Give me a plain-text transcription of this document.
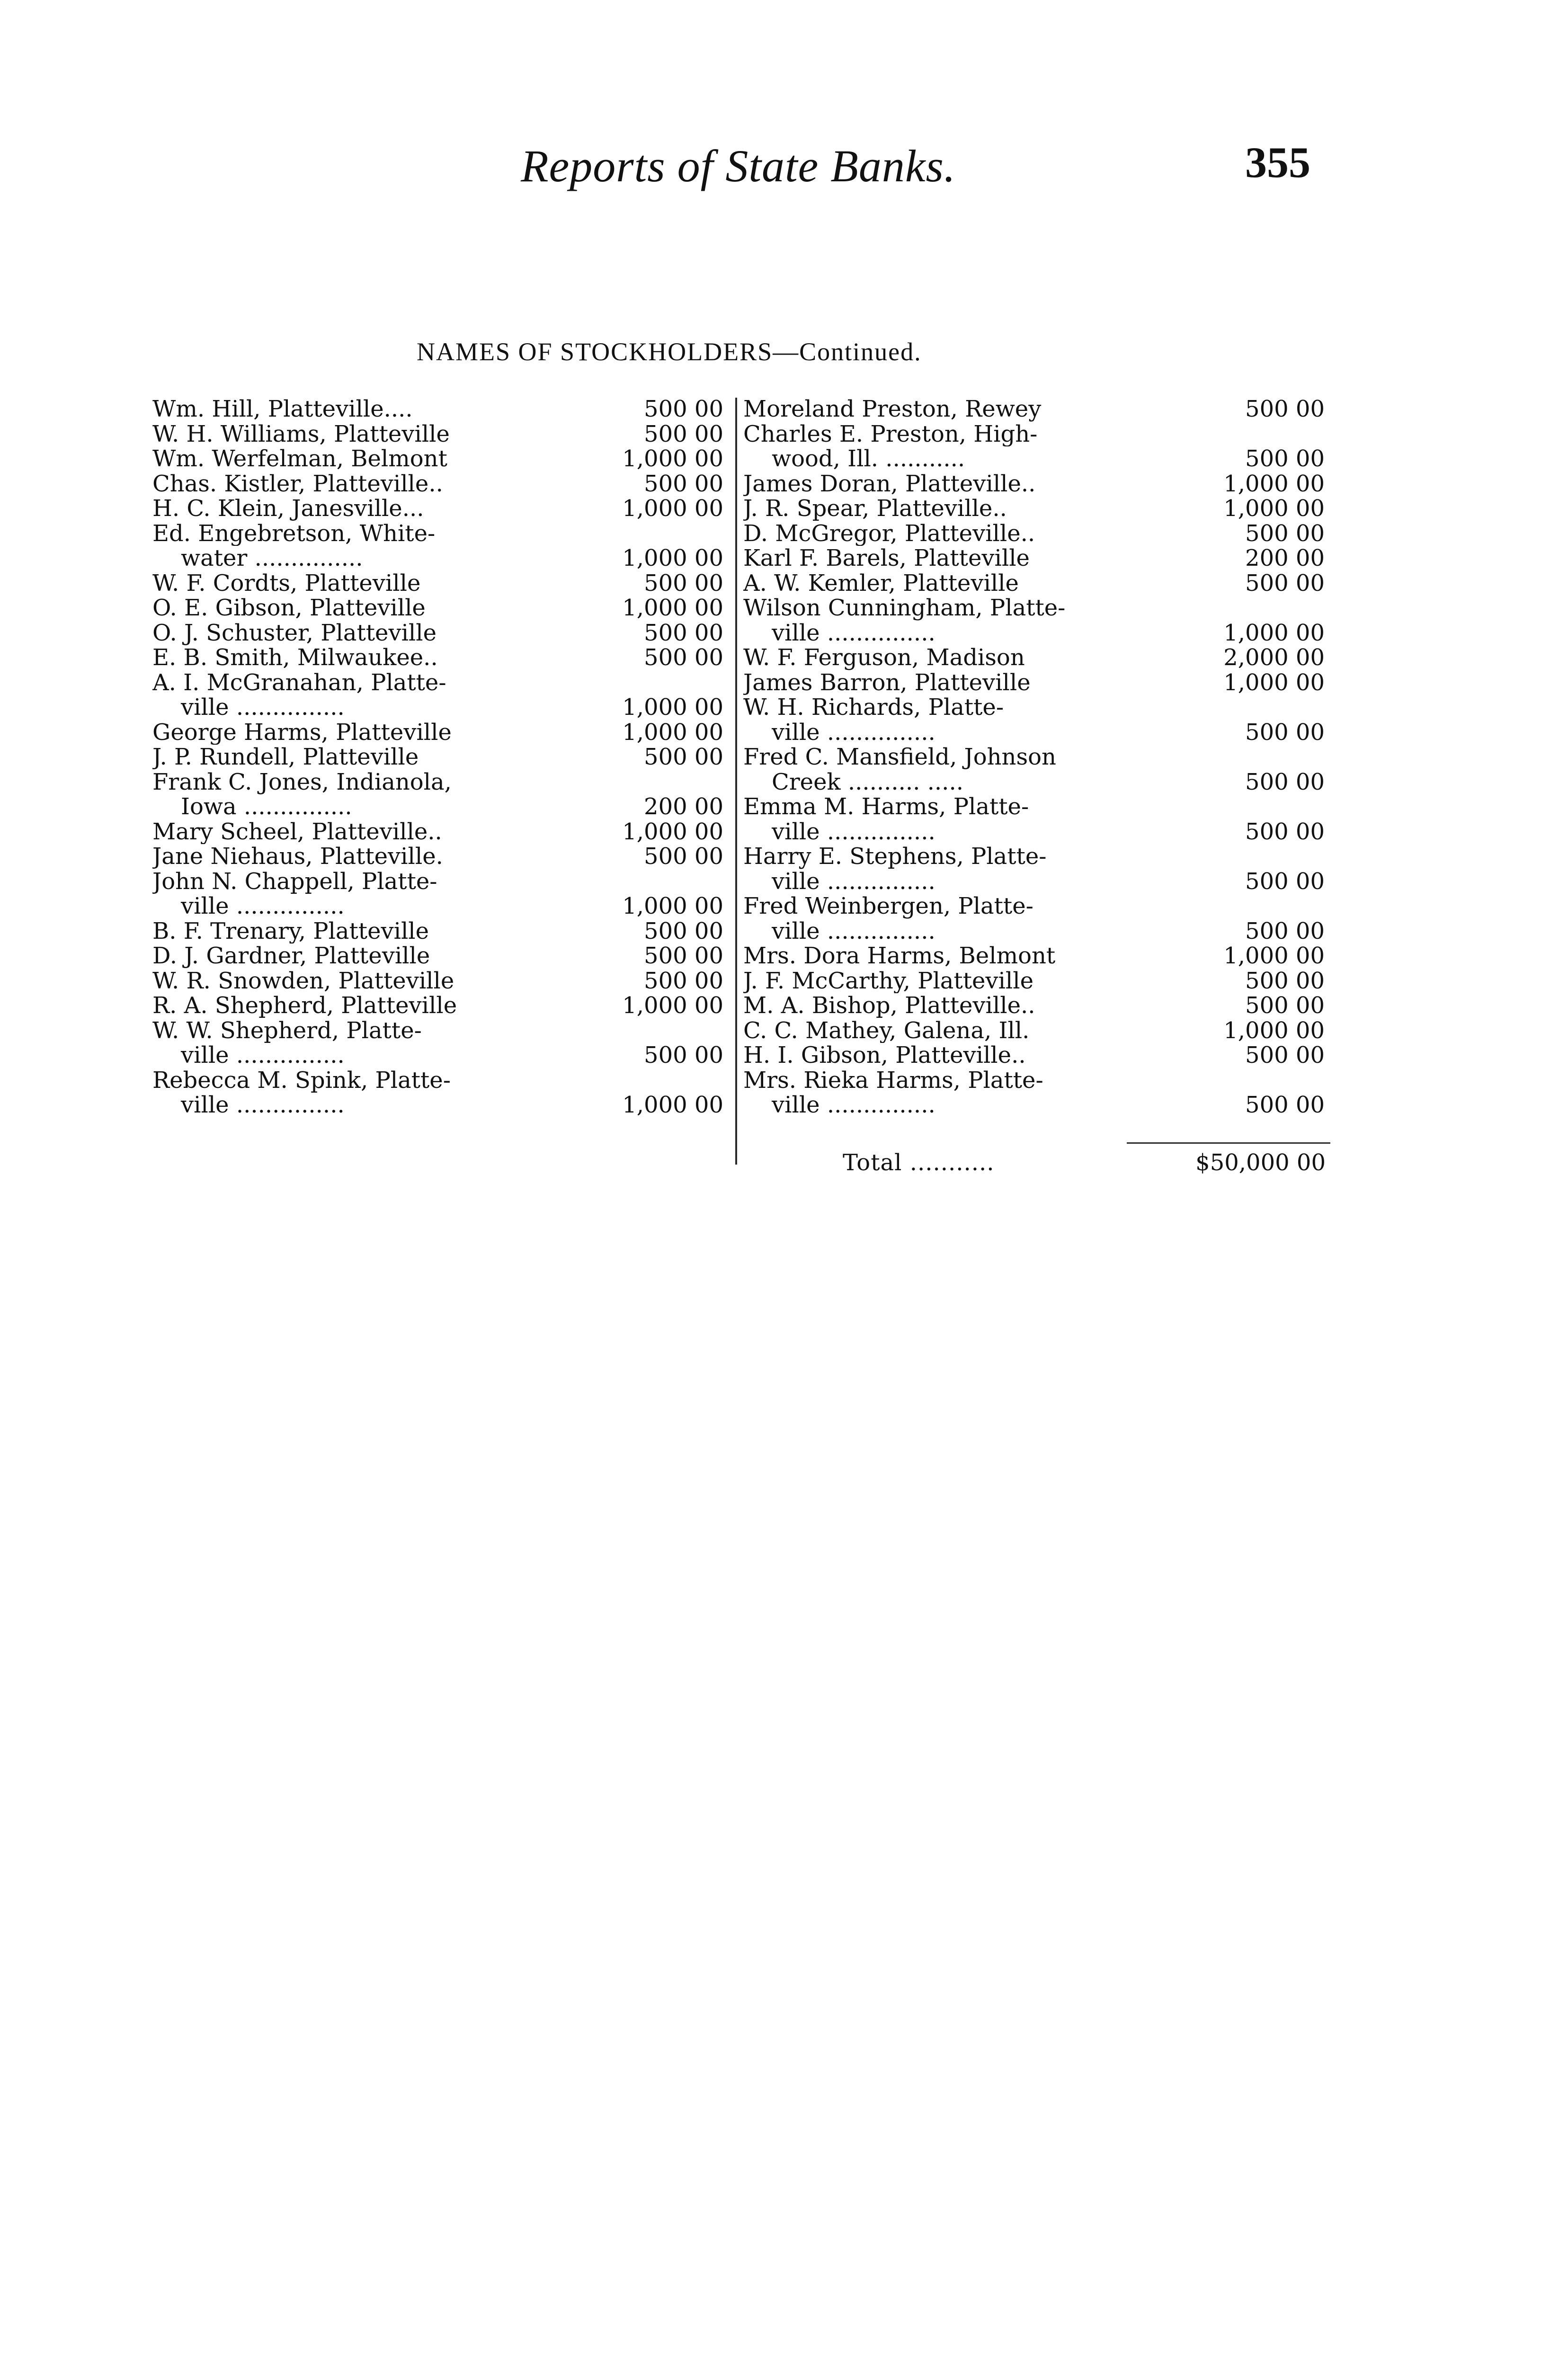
Reports of State Banks.	355
NAMES OF STOCKHOLDERS—Continued.
Wm. Hill, Platteville....	500 00
W. H. Williams, Platteville	500 00
Wm. Werfelman, Belmont	1,000 00
Chas. Kistler, Platteville..	500 00
H. C. Klein, Janesville...	1,000 00
Ed. Engebretson, White-
water ...............	1,000 00
W. F. Cordts, Platteville	500 00
O. E. Gibson, Platteville	1,000 00
O. J. Schuster, Platteville	500 00
E. B. Smith, Milwaukee..	500 00
A. I. McGranahan, Platte-
ville ...............	1,000 00
George Harms, Platteville	1,000 00
J. P. Rundell, Platteville	500 00
Frank C. Jones, Indianola,
Iowa ...............	200 00
Mary Scheel, Platteville..	1,000 00
Jane Niehaus, Platteville.	500 00
John N. Chappell, Platte-
ville ...............	1,000 00
B. F. Trenary, Platteville	500 00
D. J. Gardner, Platteville	500 00
W. R. Snowden, Platteville	500 00
R. A. Shepherd, Platteville	1,000 00
W. W. Shepherd, Platte-
ville ...............	500 00
Rebecca M. Spink, Platte-
ville ...............	1,000 00
Moreland Preston, Rewey	500 00
Charles E. Preston, High-
wood, Ill. ...........	500 00
James Doran, Platteville..	1,000 00
J. R. Spear, Platteville..	1,000 00
D. McGregor, Platteville..	500 00
Karl F. Barels, Platteville	200 00
A. W. Kemler, Platteville	500 00
Wilson Cunningham, Platte-
ville ...............	1,000 00
W. F. Ferguson, Madison	2,000 00
James Barron, Platteville	1,000 00
W. H. Richards, Platte-
ville ...............	500 00
Fred C. Mansfield, Johnson
Creek .......... .....	500 00
Emma M. Harms, Platte-
ville ...............	500 00
Harry E. Stephens, Platte-
ville ...............	500 00
Fred Weinbergen, Platte-
ville ...............	500 00
Mrs. Dora Harms, Belmont	1,000 00
J. F. McCarthy, Platteville	500 00
M. A. Bishop, Platteville..	500 00
C. C. Mathey, Galena, Ill.	1,000 00
H. I. Gibson, Platteville..	500 00
Mrs. Rieka Harms, Platte-
ville ...............	500 00
Total ...........	$50,000 00
